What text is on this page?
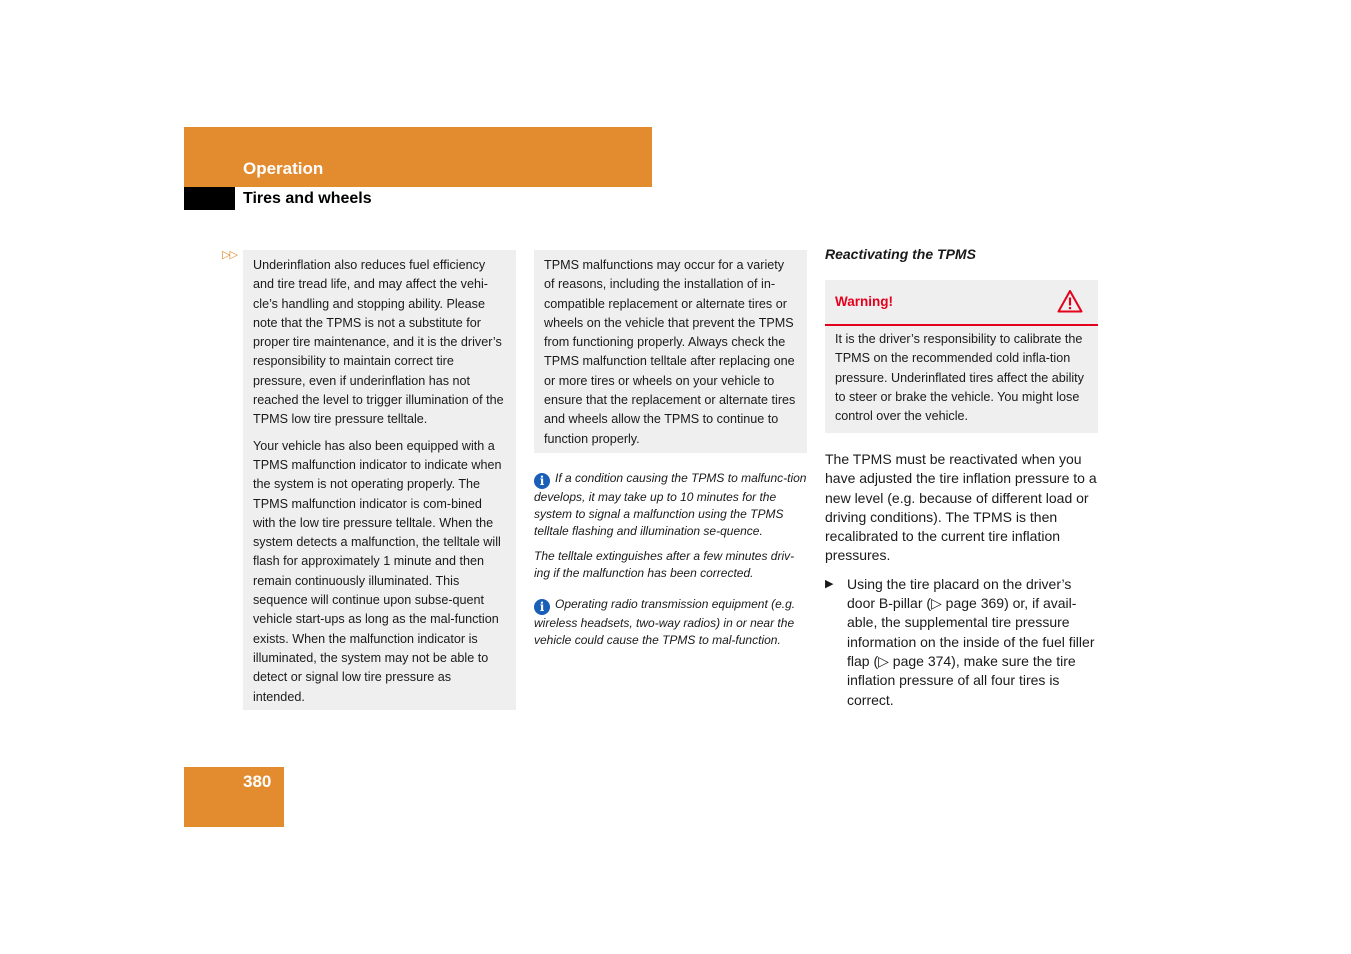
Operation
Tires and wheels
▷▷

Underinflation also reduces fuel efficiency and tire tread life, and may affect the vehi-cle’s handling and stopping ability. Please note that the TPMS is not a substitute for proper tire maintenance, and it is the driver’s responsibility to maintain correct tire pressure, even if underinflation has not reached the level to trigger illumination of the TPMS low tire pressure telltale.

Your vehicle has also been equipped with a TPMS malfunction indicator to indicate when the system is not operating properly. The TPMS malfunction indicator is com-bined with the low tire pressure telltale. When the system detects a malfunction, the telltale will flash for approximately 1 minute and then remain continuously illuminated. This sequence will continue upon subse-quent vehicle start-ups as long as the mal-function exists. When the malfunction indicator is illuminated, the system may not be able to detect or signal low tire pressure as intended.

TPMS malfunctions may occur for a variety of reasons, including the installation of in-compatible replacement or alternate tires or wheels on the vehicle that prevent the TPMS from functioning properly. Always check the TPMS malfunction telltale after replacing one or more tires or wheels on your vehicle to ensure that the replacement or alternate tires and wheels allow the TPMS to continue to function properly.

i If a condition causing the TPMS to malfunc-tion develops, it may take up to 10 minutes for the system to signal a malfunction using the TPMS telltale flashing and illumination se-quence.

The telltale extinguishes after a few minutes driv-ing if the malfunction has been corrected.

i Operating radio transmission equipment (e.g. wireless headsets, two-way radios) in or near the vehicle could cause the TPMS to mal-function.

Reactivating the TPMS
Warning!
It is the driver’s responsibility to calibrate the TPMS on the recommended cold infla-tion pressure. Underinflated tires affect the ability to steer or brake the vehicle. You might lose control over the vehicle.

The TPMS must be reactivated when you have adjusted the tire inflation pressure to a new level (e.g. because of different load or driving conditions). The TPMS is then recalibrated to the current tire inflation pressures.

▶ Using the tire placard on the driver’s door B-pillar (▷ page 369) or, if avail-able, the supplemental tire pressure information on the inside of the fuel filler flap (▷ page 374), make sure the tire inflation pressure of all four tires is correct.
380
